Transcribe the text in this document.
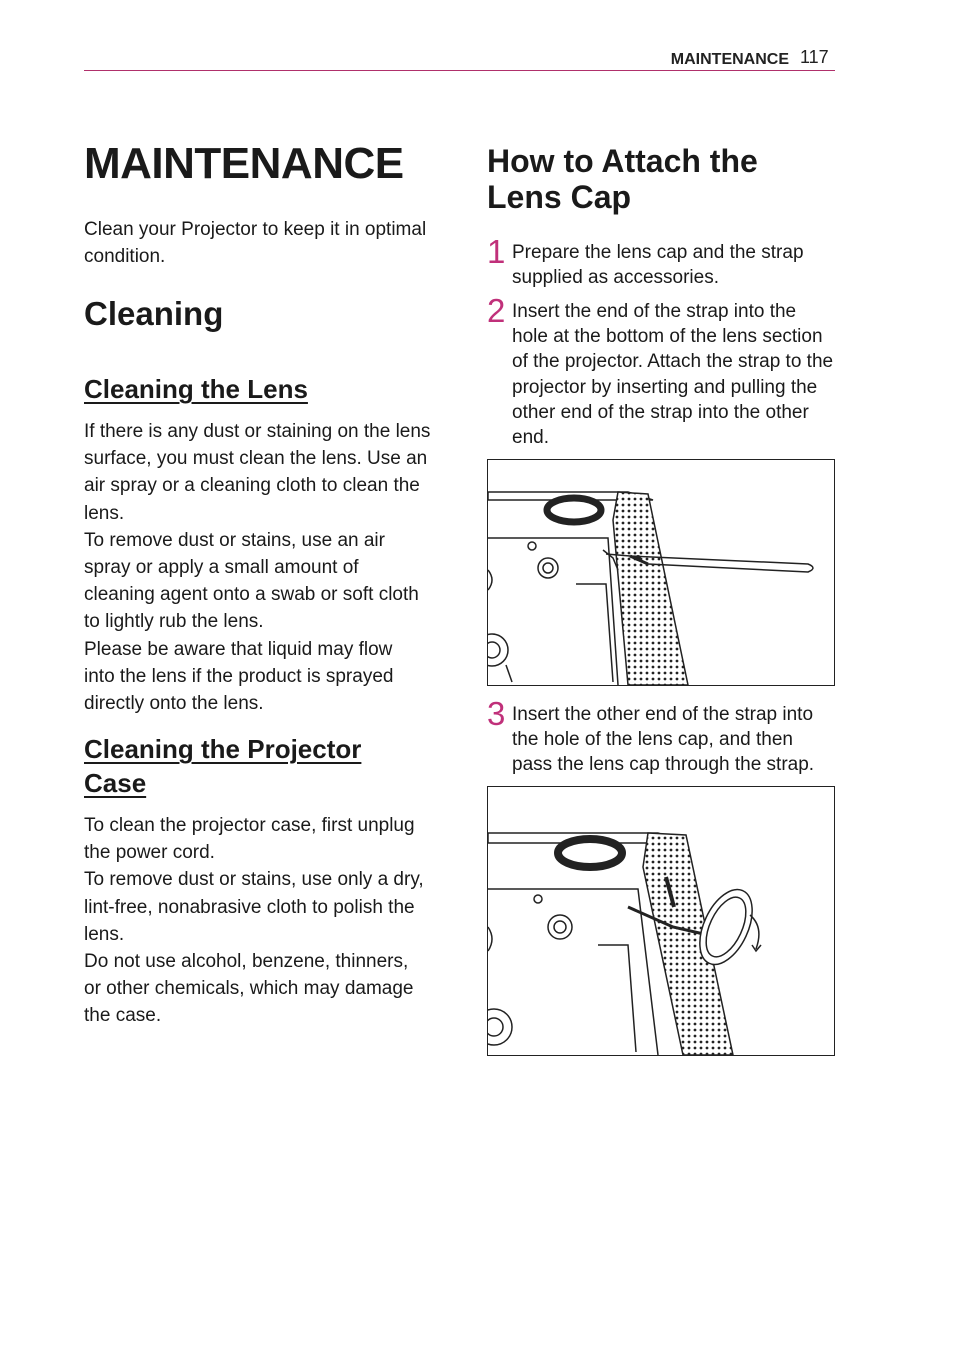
MAINTENANCE 117
MAINTENANCE

Clean your Projector to keep it in optimal condition.

Cleaning
Cleaning the Lens

If there is any dust or staining on the lens surface, you must clean the lens. Use an air spray or a cleaning cloth to clean the lens.

To remove dust or stains, use an air spray or apply a small amount of cleaning agent onto a swab or soft cloth to lightly rub the lens.

Please be aware that liquid may flow into the lens if the product is sprayed directly onto the lens.

Cleaning the Projector
Case

To clean the projector case, first unplug the power cord.

To remove dust or stains, use only a dry, lint-free, nonabrasive cloth to polish the lens.

Do not use alcohol, benzene, thinners, or other chemicals, which may damage the case.

How to Attach the Lens Cap
1 Prepare the lens cap and the strap supplied as accessories.

2 Insert the end of the strap into the hole at the bottom of the lens section of the projector. Attach the strap to the projector by inserting and pulling the other end of the strap into the other end.

3 Insert the other end of the strap into the hole of the lens cap, and then pass the lens cap through the strap.
